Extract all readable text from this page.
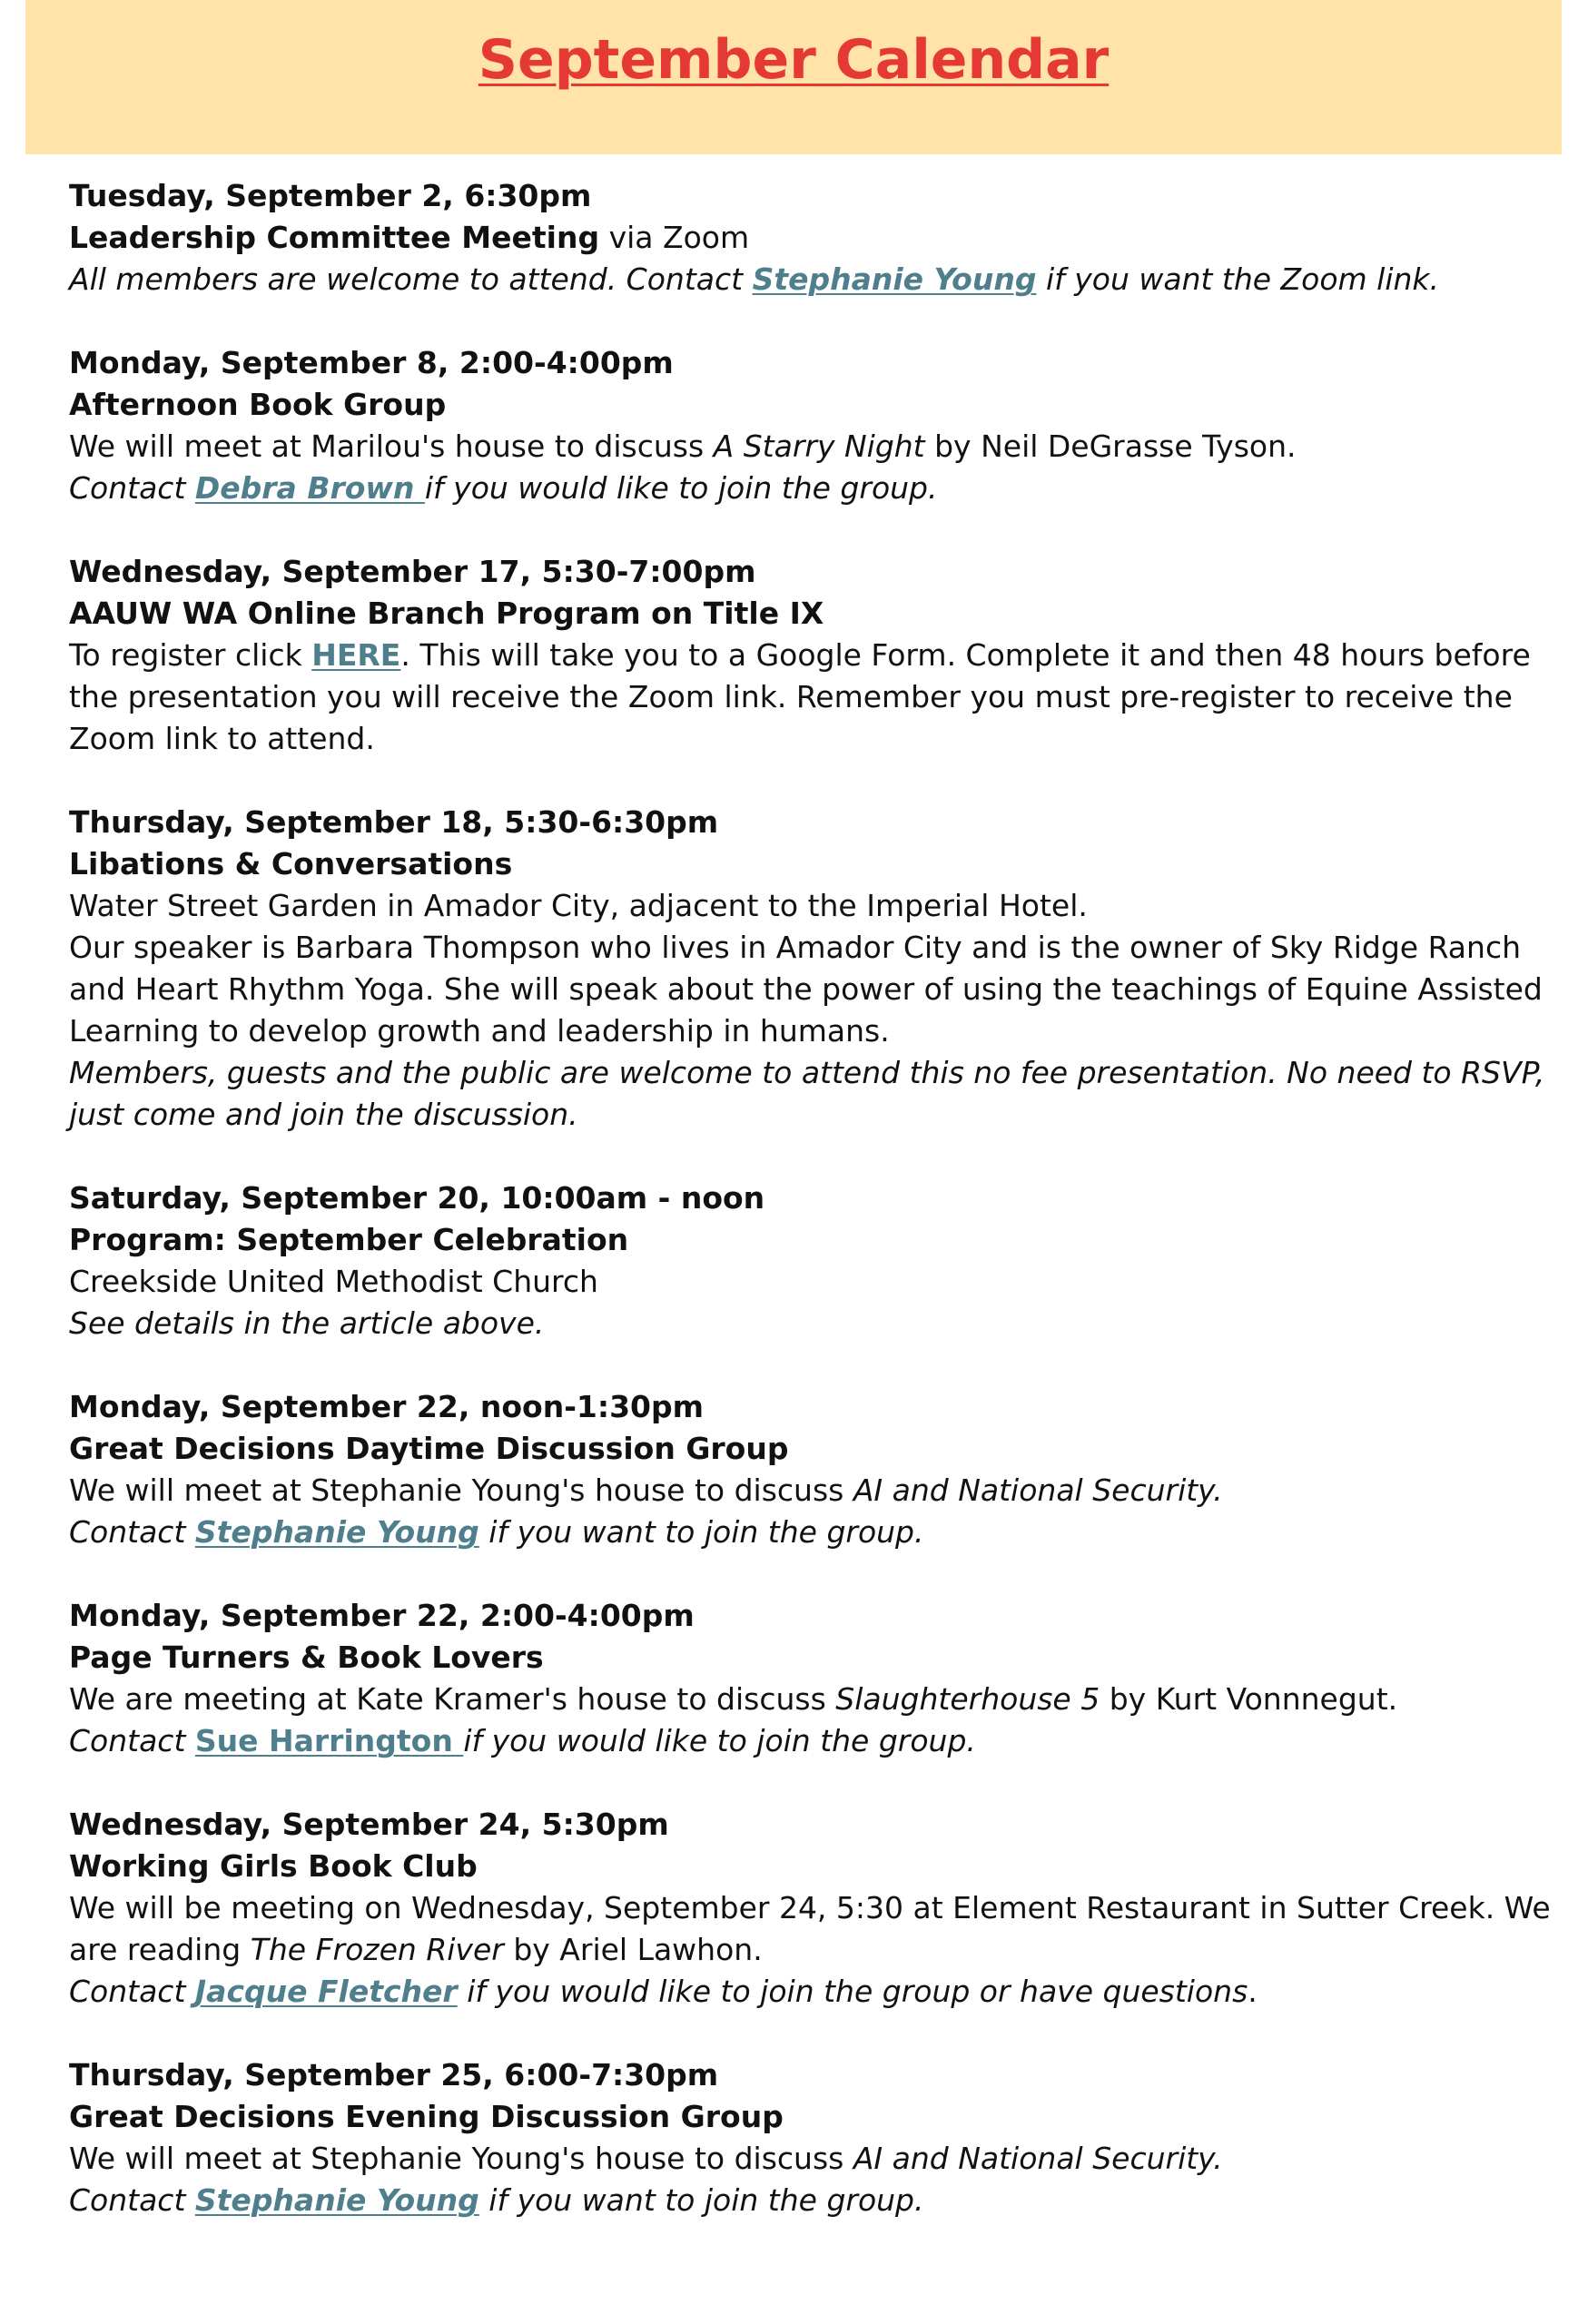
September Calendar
Tuesday, September 2, 6:30pm
Leadership Committee Meeting via Zoom
All members are welcome to attend. Contact Stephanie Young if you want the Zoom link.
Monday, September 8, 2:00-4:00pm
Afternoon Book Group
We will meet at Marilou's house to discuss A Starry Night by Neil DeGrasse Tyson.
Contact Debra Brown if you would like to join the group.
Wednesday, September 17, 5:30-7:00pm
AAUW WA Online Branch Program on Title IX
To register click HERE. This will take you to a Google Form. Complete it and then 48 hours before the presentation you will receive the Zoom link. Remember you must pre-register to receive the Zoom link to attend.
Thursday, September 18, 5:30-6:30pm
Libations & Conversations
Water Street Garden in Amador City, adjacent to the Imperial Hotel.
Our speaker is Barbara Thompson who lives in Amador City and is the owner of Sky Ridge Ranch and Heart Rhythm Yoga. She will speak about the power of using the teachings of Equine Assisted Learning to develop growth and leadership in humans.
Members, guests and the public are welcome to attend this no fee presentation. No need to RSVP, just come and join the discussion.
Saturday, September 20, 10:00am - noon
Program: September Celebration
Creekside United Methodist Church
See details in the article above.
Monday, September 22, noon-1:30pm
Great Decisions Daytime Discussion Group
We will meet at Stephanie Young's house to discuss AI and National Security.
Contact Stephanie Young if you want to join the group.
Monday, September 22, 2:00-4:00pm
Page Turners & Book Lovers
We are meeting at Kate Kramer's house to discuss Slaughterhouse 5 by Kurt Vonnnegut.
Contact Sue Harrington if you would like to join the group.
Wednesday, September 24, 5:30pm
Working Girls Book Club
We will be meeting on Wednesday, September 24, 5:30 at Element Restaurant in Sutter Creek. We are reading The Frozen River by Ariel Lawhon.
Contact Jacque Fletcher if you would like to join the group or have questions.
Thursday, September 25, 6:00-7:30pm
Great Decisions Evening Discussion Group
We will meet at Stephanie Young's house to discuss AI and National Security.
Contact Stephanie Young if you want to join the group.
